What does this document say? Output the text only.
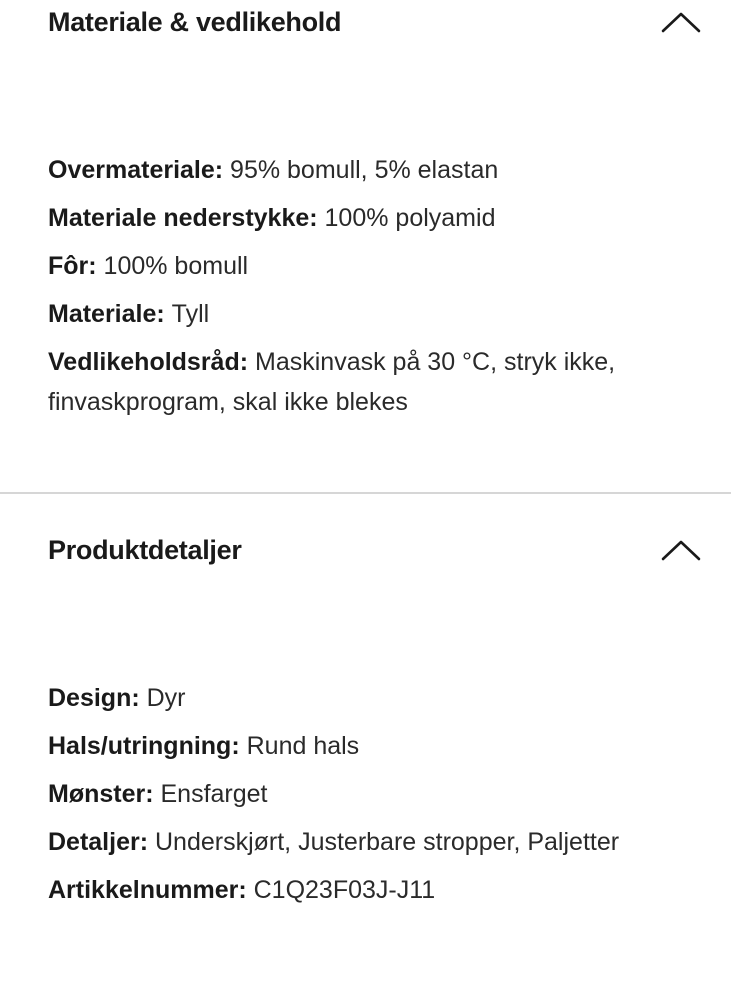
Materiale & vedlikehold
Overmateriale: 95% bomull, 5% elastan
Materiale nederstykke: 100% polyamid
Fôr: 100% bomull
Materiale: Tyll
Vedlikeholdsråd: Maskinvask på 30 °C, stryk ikke, finvaskprogram, skal ikke blekes
Produktdetaljer
Design: Dyr
Hals/utringning: Rund hals
Mønster: Ensfarget
Detaljer: Underskjørt, Justerbare stropper, Paljetter
Artikkelnummer: C1Q23F03J-J11
